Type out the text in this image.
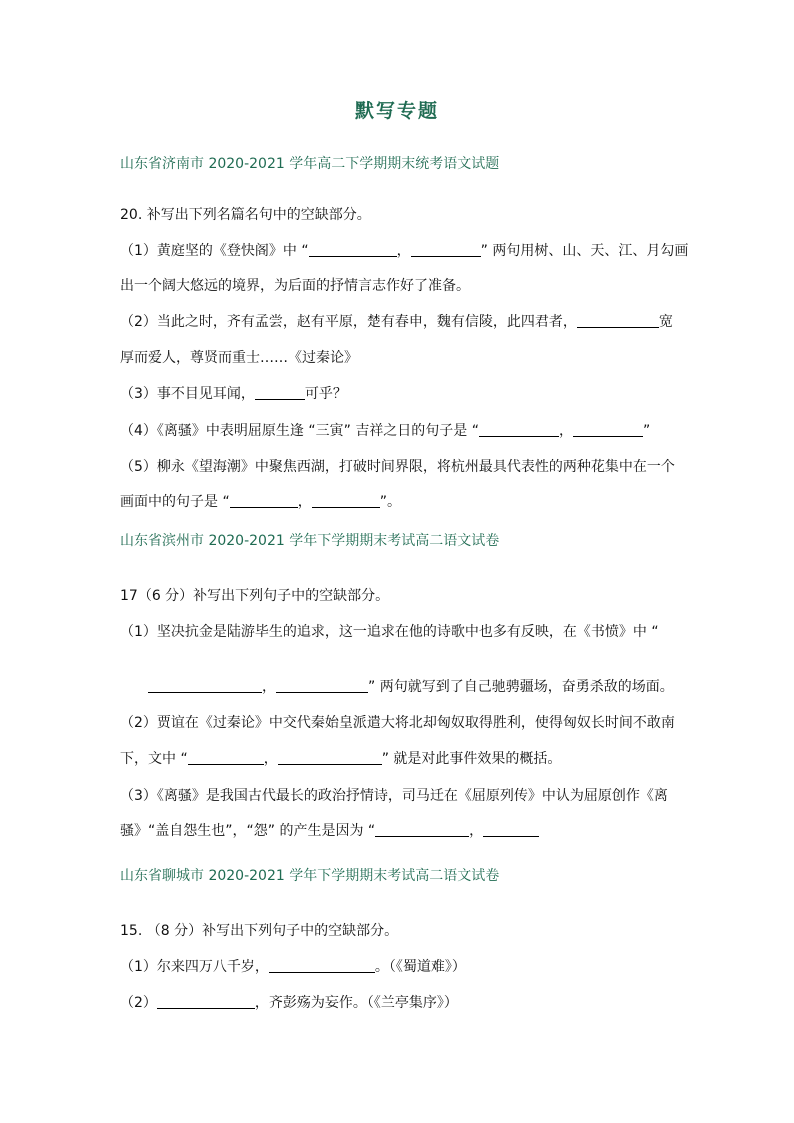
默写专题
山东省济南市 2020-2021 学年高二下学期期末统考语文试题
20. 补写出下列名篇名句中的空缺部分。
（1）黄庭坚的《登快阁》中 “	，	” 两句用树、山、天、江、月勾画
出一个阔大悠远的境界，为后面的抒情言志作好了准备。
（2）当此之时，齐有孟尝，赵有平原，楚有春申，魏有信陵，此四君者，	宽
厚而爱人，尊贤而重士……《过秦论》
（3）事不目见耳闻，	可乎？
（4）《离骚》中表明屈原生逢 “三寅” 吉祥之日的句子是 “	，	”
（5）柳永《望海潮》中聚焦西湖，打破时间界限，将杭州最具代表性的两种花集中在一个
画面中的句子是 “	，	”。
山东省滨州市 2020-2021 学年下学期期末考试高二语文试卷
17（6 分）补写出下列句子中的空缺部分。
（1）坚决抗金是陆游毕生的追求，这一追求在他的诗歌中也多有反映，在《书愤》中 “
，	” 两句就写到了自己驰骋疆场，奋勇杀敌的场面。
（2）贾谊在《过秦论》中交代秦始皇派遣大将北却匈奴取得胜利，使得匈奴长时间不敢南
下，文中 “	，	” 就是对此事件效果的概括。
（3）《离骚》是我国古代最长的政治抒情诗，司马迁在《屈原列传》中认为屈原创作《离
骚》“盖自怨生也”，“怨” 的产生是因为 “	，
山东省聊城市 2020-2021 学年下学期期末考试高二语文试卷
15. （8 分）补写出下列句子中的空缺部分。
（1）尔来四万八千岁，	。（《蜀道难》）
（2）	，齐彭殇为妄作。（《兰亭集序》）
